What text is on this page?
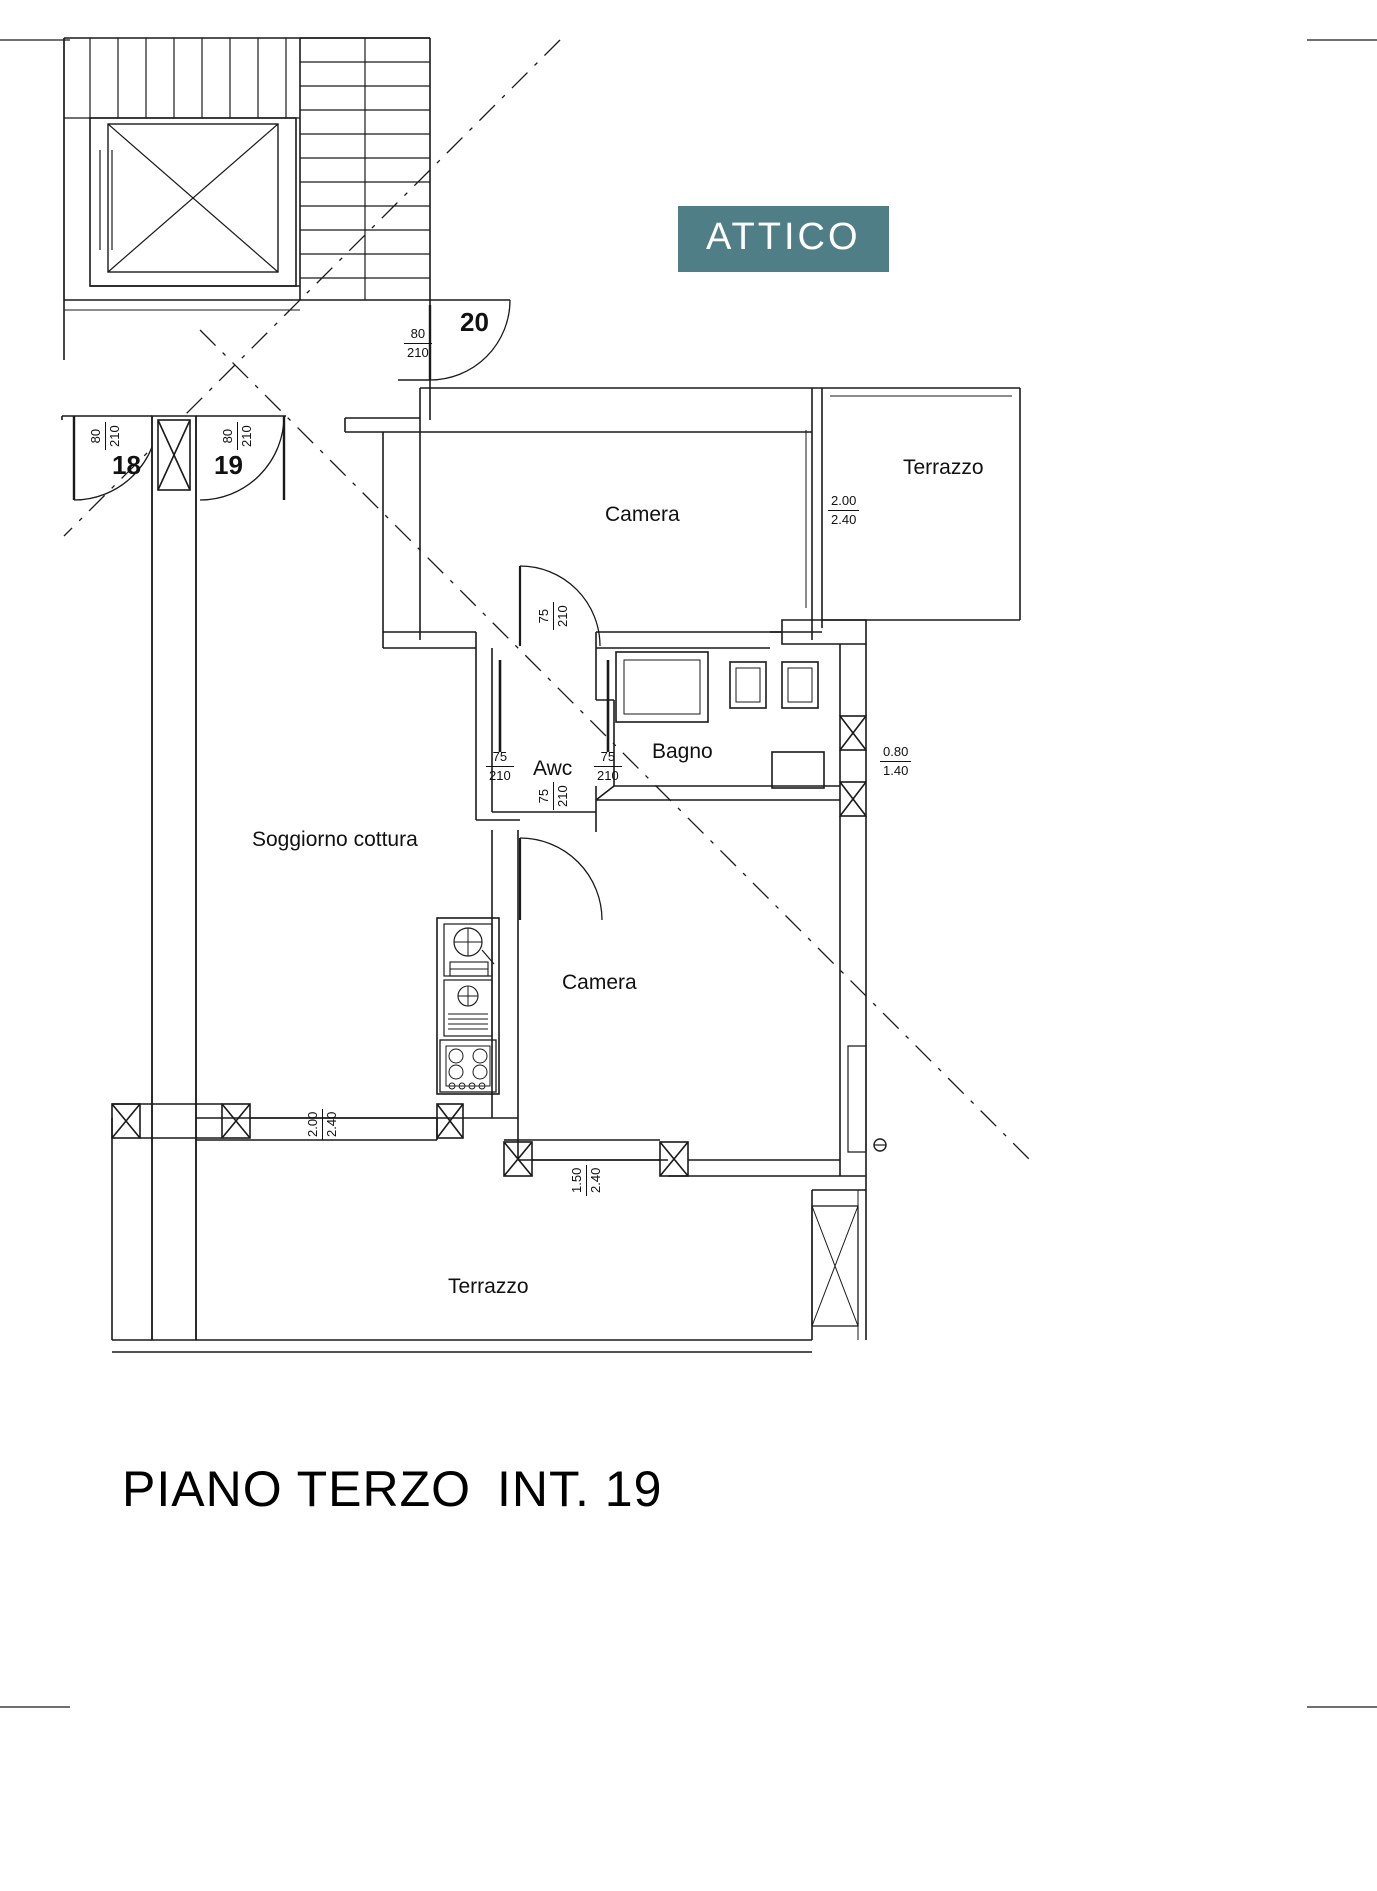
ATTICO
Camera
Terrazzo
Bagno
Awc
Soggiorno cottura
Camera
Terrazzo
20
18	19
80
210
80 210	80 210
2.00
2.40
75 210
75
210
75
210
75 210
0.80
1.40
2.00 2.40
1.50 2.40
PIANO TERZO INT. 19
